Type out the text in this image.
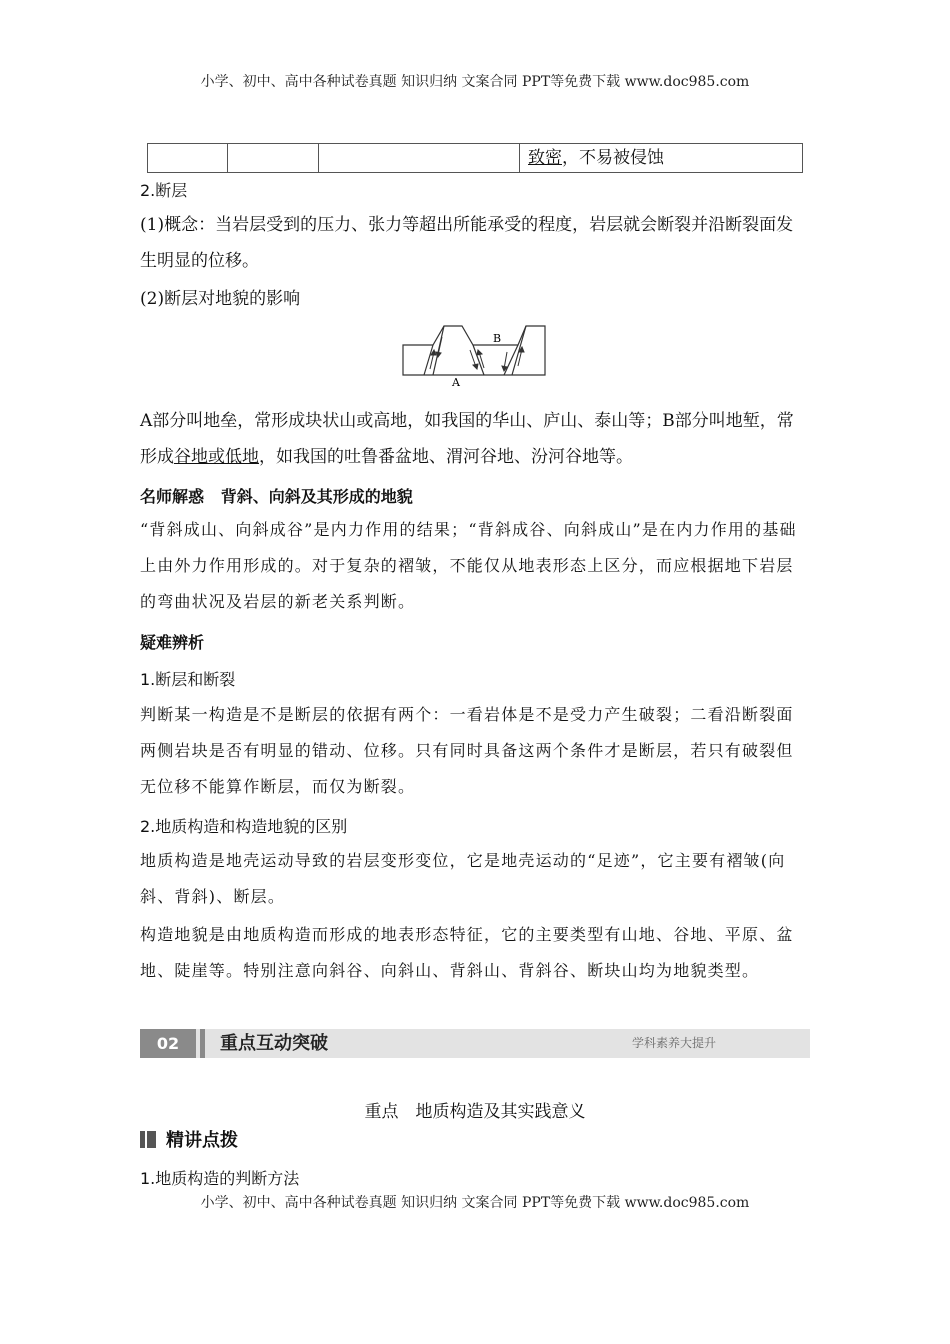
小学、初中、高中各种试卷真题 知识归纳 文案合同 PPT等免费下载 www.doc985.com
致密，不易被侵蚀
2.断层
(1)概念：当岩层受到的压力、张力等超出所能承受的程度，岩层就会断裂并沿断裂面发生明显的位移。
(2)断层对地貌的影响
B
A
A部分叫地垒，常形成块状山或高地，如我国的华山、庐山、泰山等；B部分叫地堑，常形成谷地或低地，如我国的吐鲁番盆地、渭河谷地、汾河谷地等。
名师解惑 背斜、向斜及其形成的地貌
“背斜成山、向斜成谷”是内力作用的结果；“背斜成谷、向斜成山”是在内力作用的基础上由外力作用形成的。对于复杂的褶皱，不能仅从地表形态上区分，而应根据地下岩层的弯曲状况及岩层的新老关系判断。
疑难辨析
1.断层和断裂
判断某一构造是不是断层的依据有两个：一看岩体是不是受力产生破裂；二看沿断裂面两侧岩块是否有明显的错动、位移。只有同时具备这两个条件才是断层，若只有破裂但无位移不能算作断层，而仅为断裂。
2.地质构造和构造地貌的区别
地质构造是地壳运动导致的岩层变形变位，它是地壳运动的“足迹”，它主要有褶皱(向斜、背斜)、断层。
构造地貌是由地质构造而形成的地表形态特征，它的主要类型有山地、谷地、平原、盆地、陡崖等。特别注意向斜谷、向斜山、背斜山、背斜谷、断块山均为地貌类型。
02	重点互动突破	学科素养大提升
重点　地质构造及其实践意义
精讲点拨
1.地质构造的判断方法
小学、初中、高中各种试卷真题 知识归纳 文案合同 PPT等免费下载 www.doc985.com
